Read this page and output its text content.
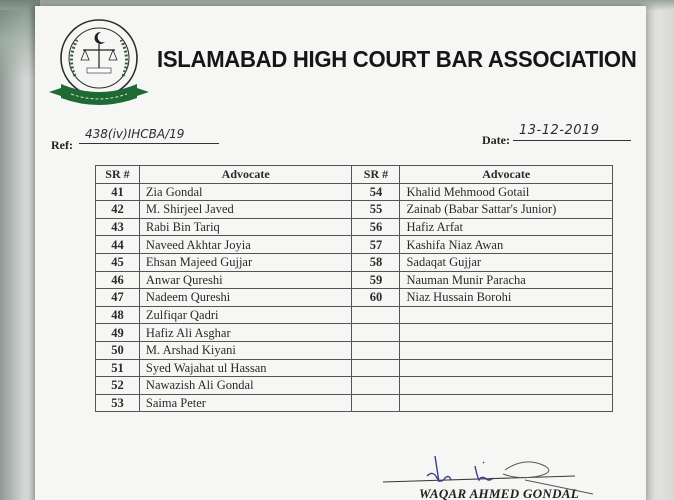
ISLAMABAD HIGH COURT BAR ASSOCIATION
Ref:
438(iv)IHCBA/19	Date:
13-12-2019
SR #	Advocate	SR #	Advocate
41	Zia Gondal	54	Khalid Mehmood Gotail
42	M. Shirjeel Javed	55	Zainab (Babar Sattar's Junior)
43	Rabi Bin Tariq	56	Hafiz Arfat
44	Naveed Akhtar Joyia	57	Kashifa Niaz Awan
45	Ehsan Majeed Gujjar	58	Sadaqat Gujjar
46	Anwar Qureshi	59	Nauman Munir Paracha
47	Nadeem Qureshi	60	Niaz Hussain Borohi
48	Zulfiqar Qadri		
49	Hafiz Ali Asghar		
50	M. Arshad Kiyani		
51	Syed Wajahat ul Hassan		
52	Nawazish Ali Gondal		
53	Saima Peter		
WAQAR AHMED GONDAL
